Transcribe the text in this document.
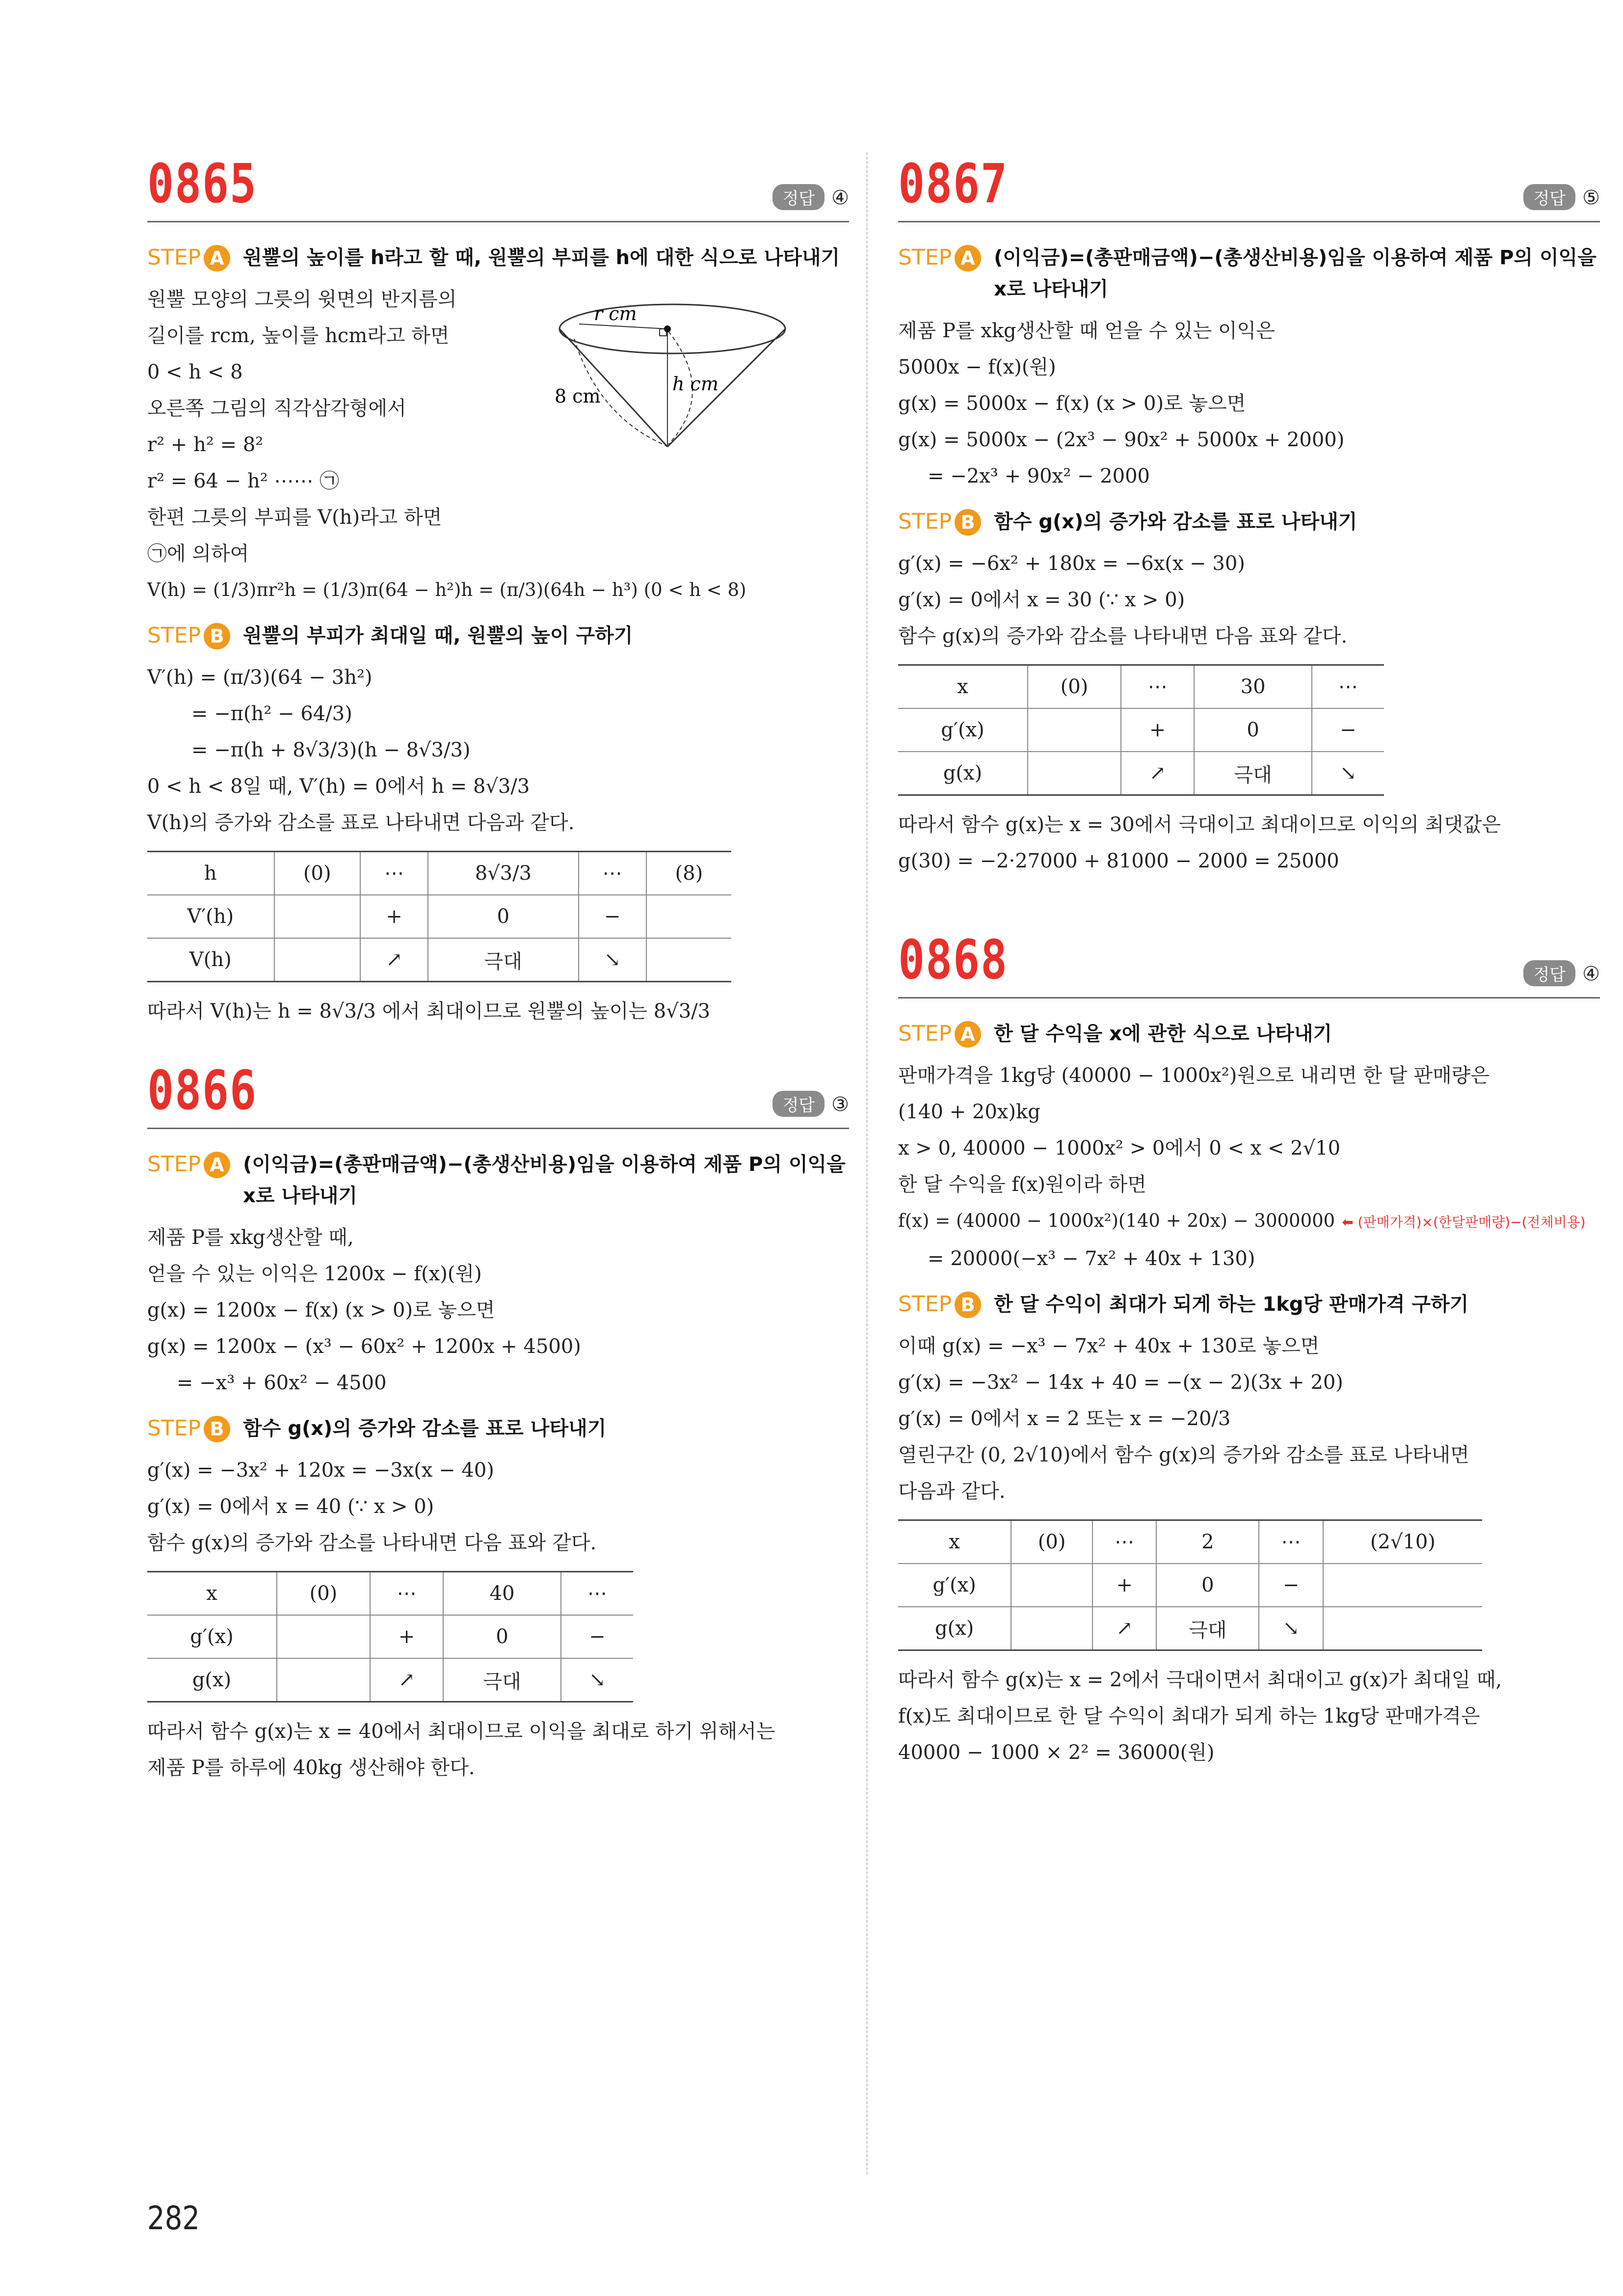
0865	정답 ④
STEP A 원뿔의 높이를 h라고 할 때, 원뿔의 부피를 h에 대한 식으로 나타내기
원뿔 모양의 그릇의 윗면의 반지름의
길이를 rcm, 높이를 hcm라고 하면
0 < h < 8
오른쪽 그림의 직각삼각형에서
r² + h² = 8²
r² = 64 − h² ⋯⋯ ㉠
한편 그릇의 부피를 V(h)라고 하면
㉠에 의하여
V(h) = (1/3)πr²h = (1/3)π(64 − h²)h = (π/3)(64h − h³) (0 < h < 8)
r cm
8 cm
h cm
STEP B 원뿔의 부피가 최대일 때, 원뿔의 높이 구하기
V′(h) = (π/3)(64 − 3h²)
= −π(h² − 64/3)
= −π(h + 8√3/3)(h − 8√3/3)
0 < h < 8일 때, V′(h) = 0에서 h = 8√3/3
V(h)의 증가와 감소를 표로 나타내면 다음과 같다.
h	(0)	⋯	8√3/3	⋯	(8)
V′(h)		+	0	−	
V(h)		↗	극대	↘	
따라서 V(h)는 h = 8√3/3 에서 최대이므로 원뿔의 높이는 8√3/3
0866	정답 ③
STEP A (이익금)=(총판매금액)−(총생산비용)임을 이용하여 제품 P의 이익을 x로 나타내기
제품 P를 xkg생산할 때,
얻을 수 있는 이익은 1200x − f(x)(원)
g(x) = 1200x − f(x) (x > 0)로 놓으면
g(x) = 1200x − (x³ − 60x² + 1200x + 4500)
= −x³ + 60x² − 4500
STEP B 함수 g(x)의 증가와 감소를 표로 나타내기
g′(x) = −3x² + 120x = −3x(x − 40)
g′(x) = 0에서 x = 40 (∵ x > 0)
함수 g(x)의 증가와 감소를 나타내면 다음 표와 같다.
x	(0)	⋯	40	⋯
g′(x)		+	0	−
g(x)		↗	극대	↘
따라서 함수 g(x)는 x = 40에서 최대이므로 이익을 최대로 하기 위해서는
제품 P를 하루에 40kg 생산해야 한다.
0867	정답 ⑤
STEP A (이익금)=(총판매금액)−(총생산비용)임을 이용하여 제품 P의 이익을 x로 나타내기
제품 P를 xkg생산할 때 얻을 수 있는 이익은
5000x − f(x)(원)
g(x) = 5000x − f(x) (x > 0)로 놓으면
g(x) = 5000x − (2x³ − 90x² + 5000x + 2000)
= −2x³ + 90x² − 2000
STEP B 함수 g(x)의 증가와 감소를 표로 나타내기
g′(x) = −6x² + 180x = −6x(x − 30)
g′(x) = 0에서 x = 30 (∵ x > 0)
함수 g(x)의 증가와 감소를 나타내면 다음 표와 같다.
x	(0)	⋯	30	⋯
g′(x)		+	0	−
g(x)		↗	극대	↘
따라서 함수 g(x)는 x = 30에서 극대이고 최대이므로 이익의 최댓값은
g(30) = −2·27000 + 81000 − 2000 = 25000
0868	정답 ④
STEP A 한 달 수익을 x에 관한 식으로 나타내기
판매가격을 1kg당 (40000 − 1000x²)원으로 내리면 한 달 판매량은
(140 + 20x)kg
x > 0, 40000 − 1000x² > 0에서 0 < x < 2√10
한 달 수익을 f(x)원이라 하면
f(x) = (40000 − 1000x²)(140 + 20x) − 3000000 ⬅ (판매가격)×(한달판매량)−(전체비용)
= 20000(−x³ − 7x² + 40x + 130)
STEP B 한 달 수익이 최대가 되게 하는 1kg당 판매가격 구하기
이때 g(x) = −x³ − 7x² + 40x + 130로 놓으면
g′(x) = −3x² − 14x + 40 = −(x − 2)(3x + 20)
g′(x) = 0에서 x = 2 또는 x = −20/3
열린구간 (0, 2√10)에서 함수 g(x)의 증가와 감소를 표로 나타내면
다음과 같다.
x	(0)	⋯	2	⋯	(2√10)
g′(x)		+	0	−	
g(x)		↗	극대	↘	
따라서 함수 g(x)는 x = 2에서 극대이면서 최대이고 g(x)가 최대일 때,
f(x)도 최대이므로 한 달 수익이 최대가 되게 하는 1kg당 판매가격은
40000 − 1000 × 2² = 36000(원)
282
